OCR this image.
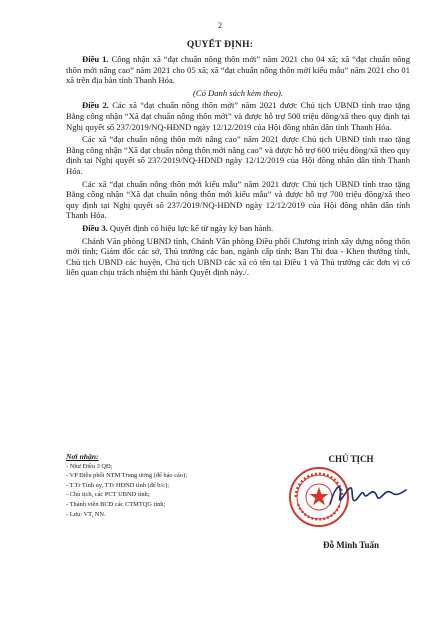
2
QUYẾT ĐỊNH:

Điều 1. Công nhận xã “đạt chuẩn nông thôn mới” năm 2021 cho 04 xã; xã “đạt chuẩn nông thôn mới nâng cao” năm 2021 cho 05 xã; xã “đạt chuẩn nông thôn mới kiểu mẫu” năm 2021 cho 01 xã trên địa bàn tỉnh Thanh Hóa.

(Có Danh sách kèm theo).

Điều 2. Các xã “đạt chuẩn nông thôn mới” năm 2021 được Chủ tịch UBND tỉnh trao tặng Bằng công nhận “Xã đạt chuẩn nông thôn mới” và được hỗ trợ 500 triệu đồng/xã theo quy định tại Nghị quyết số 237/2019/NQ-HĐND ngày 12/12/2019 của Hội đồng nhân dân tỉnh Thanh Hóa.

Các xã “đạt chuẩn nông thôn mới nâng cao” năm 2021 được Chủ tịch UBND tỉnh trao tặng Bằng công nhận “Xã đạt chuẩn nông thôn mới nâng cao” và được hỗ trợ 600 triệu đồng/xã theo quy định tại Nghị quyết số 237/2019/NQ-HĐND ngày 12/12/2019 của Hội đồng nhân dân tỉnh Thanh Hóa.

Các xã “đạt chuẩn nông thôn mới kiểu mẫu” năm 2021 được Chủ tịch UBND tỉnh trao tặng Bằng công nhận “Xã đạt chuẩn nông thôn mới kiểu mẫu” và được hỗ trợ 700 triệu đồng/xã theo quy định tại Nghị quyết số 237/2019/NQ-HĐND ngày 12/12/2019 của Hội đồng nhân dân tỉnh Thanh Hóa.

Điều 3. Quyết định có hiệu lực kể từ ngày ký ban hành.

Chánh Văn phòng UBND tỉnh, Chánh Văn phòng Điều phối Chương trình xây dựng nông thôn mới tỉnh; Giám đốc các sở, Thủ trưởng các ban, ngành cấp tỉnh; Ban Thi đua - Khen thưởng tỉnh, Chủ tịch UBND các huyện, Chủ tịch UBND các xã có tên tại Điều 1 và Thủ trưởng các đơn vị có liên quan chịu trách nhiệm thi hành Quyết định này./.

Nơi nhận:
- Như Điều 3 QĐ;
- VP Điều phối NTM Trung ương (để báo cáo);
- T.Tr Tỉnh ủy, TTr HĐND tỉnh (để b/c);
- Chủ tịch, các PCT UBND tỉnh;
- Thành viên BCĐ các CTMTQG tỉnh;
- Lưu: VT, NN.
CHỦ TỊCH
Đỗ Minh Tuấn
